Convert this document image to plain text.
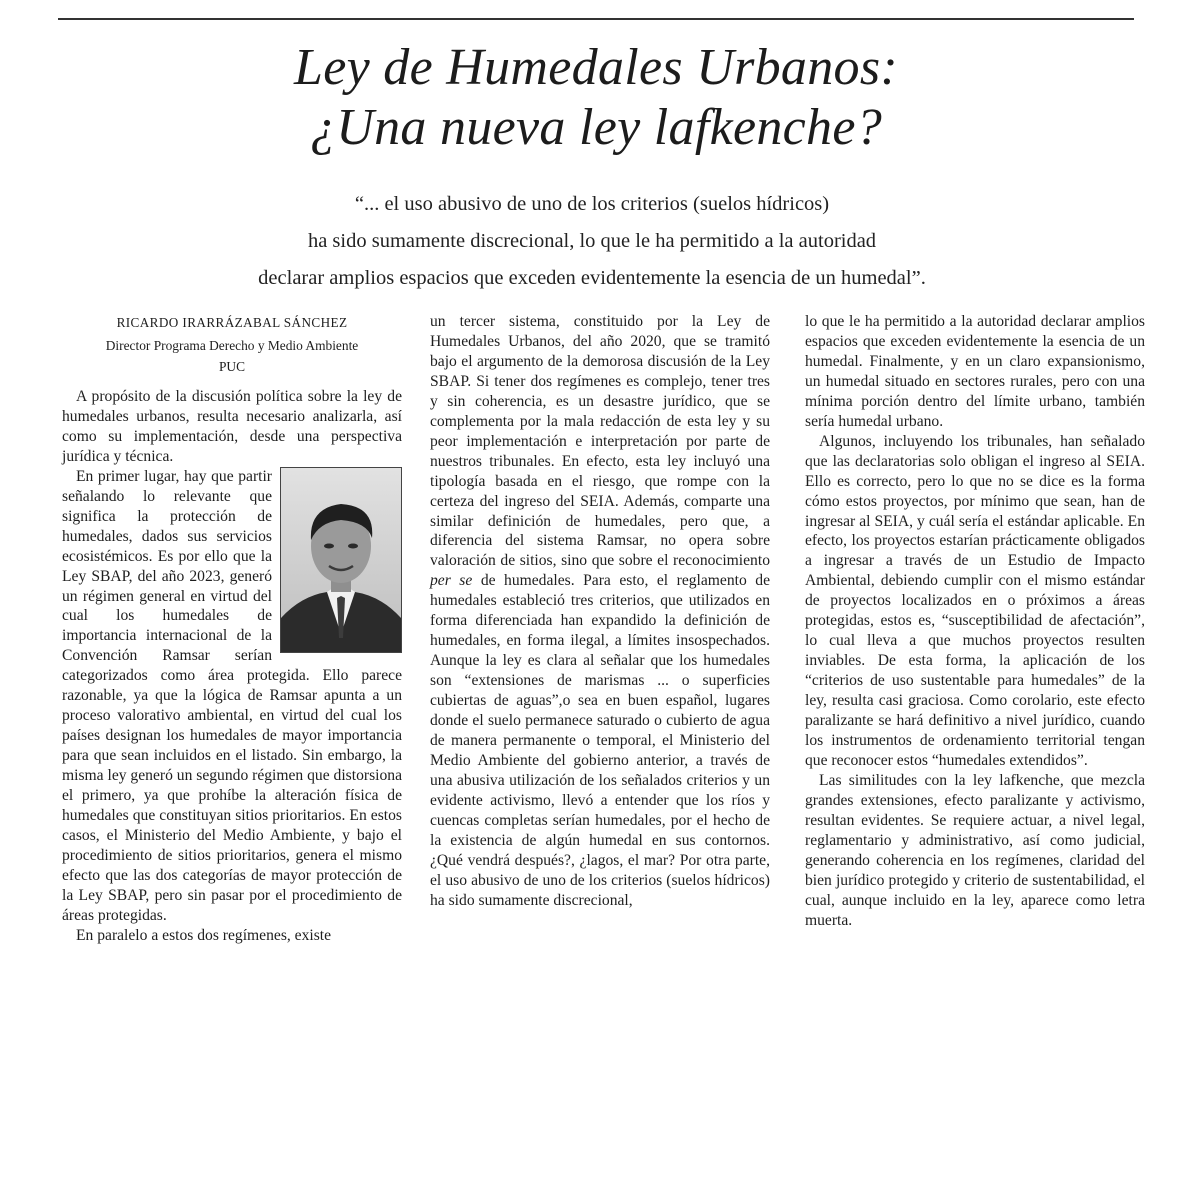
Ley de Humedales Urbanos:
¿Una nueva ley lafkenche?

“... el uso abusivo de uno de los criterios (suelos hídricos)
ha sido sumamente discrecional, lo que le ha permitido a la autoridad
declarar amplios espacios que exceden evidentemente la esencia de un humedal”.

RICARDO IRARRÁZABAL SÁNCHEZ
Director Programa Derecho y Medio Ambiente
PUC

A propósito de la discusión política sobre la ley de humedales urbanos, resulta necesario analizarla, así como su implementación, desde una perspectiva jurídica y técnica.

En primer lugar, hay que partir señalando lo relevante que significa la protección de humedales, dados sus servicios ecosistémicos. Es por ello que la Ley SBAP, del año 2023, generó un régimen general en virtud del cual los humedales de importancia internacional de la Convención Ramsar serían categorizados como área protegida. Ello parece razonable, ya que la lógica de Ramsar apunta a un proceso valorativo ambiental, en virtud del cual los países designan los humedales de mayor importancia para que sean incluidos en el listado. Sin embargo, la misma ley generó un segundo régimen que distorsiona el primero, ya que prohíbe la alteración física de humedales que constituyan sitios prioritarios. En estos casos, el Ministerio del Medio Ambiente, y bajo el procedimiento de sitios prioritarios, genera el mismo efecto que las dos categorías de mayor protección de la Ley SBAP, pero sin pasar por el procedimiento de áreas protegidas.

En paralelo a estos dos regímenes, existe

un tercer sistema, constituido por la Ley de Humedales Urbanos, del año 2020, que se tramitó bajo el argumento de la demorosa discusión de la Ley SBAP. Si tener dos regímenes es complejo, tener tres y sin coherencia, es un desastre jurídico, que se complementa por la mala redacción de esta ley y su peor implementación e interpretación por parte de nuestros tribunales. En efecto, esta ley incluyó una tipología basada en el riesgo, que rompe con la certeza del ingreso del SEIA. Además, comparte una similar definición de humedales, pero que, a diferencia del sistema Ramsar, no opera sobre valoración de sitios, sino que sobre el reconocimiento per se de humedales. Para esto, el reglamento de humedales estableció tres criterios, que utilizados en forma diferenciada han expandido la definición de humedales, en forma ilegal, a límites insospechados. Aunque la ley es clara al señalar que los humedales son “extensiones de marismas ... o superficies cubiertas de aguas”,o sea en buen español, lugares donde el suelo permanece saturado o cubierto de agua de manera permanente o temporal, el Ministerio del Medio Ambiente del gobierno anterior, a través de una abusiva utilización de los señalados criterios y un evidente activismo, llevó a entender que los ríos y cuencas completas serían humedales, por el hecho de la existencia de algún humedal en sus contornos. ¿Qué vendrá después?, ¿lagos, el mar? Por otra parte, el uso abusivo de uno de los criterios (suelos hídricos) ha sido sumamente discrecional,

lo que le ha permitido a la autoridad declarar amplios espacios que exceden evidentemente la esencia de un humedal. Finalmente, y en un claro expansionismo, un humedal situado en sectores rurales, pero con una mínima porción dentro del límite urbano, también sería humedal urbano.

Algunos, incluyendo los tribunales, han señalado que las declaratorias solo obligan el ingreso al SEIA. Ello es correcto, pero lo que no se dice es la forma cómo estos proyectos, por mínimo que sean, han de ingresar al SEIA, y cuál sería el estándar aplicable. En efecto, los proyectos estarían prácticamente obligados a ingresar a través de un Estudio de Impacto Ambiental, debiendo cumplir con el mismo estándar de proyectos localizados en o próximos a áreas protegidas, estos es, “susceptibilidad de afectación”, lo cual lleva a que muchos proyectos resulten inviables. De esta forma, la aplicación de los “criterios de uso sustentable para humedales” de la ley, resulta casi graciosa. Como corolario, este efecto paralizante se hará definitivo a nivel jurídico, cuando los instrumentos de ordenamiento territorial tengan que reconocer estos “humedales extendidos”.

Las similitudes con la ley lafkenche, que mezcla grandes extensiones, efecto paralizante y activismo, resultan evidentes. Se requiere actuar, a nivel legal, reglamentario y administrativo, así como judicial, generando coherencia en los regímenes, claridad del bien jurídico protegido y criterio de sustentabilidad, el cual, aunque incluido en la ley, aparece como letra muerta.
